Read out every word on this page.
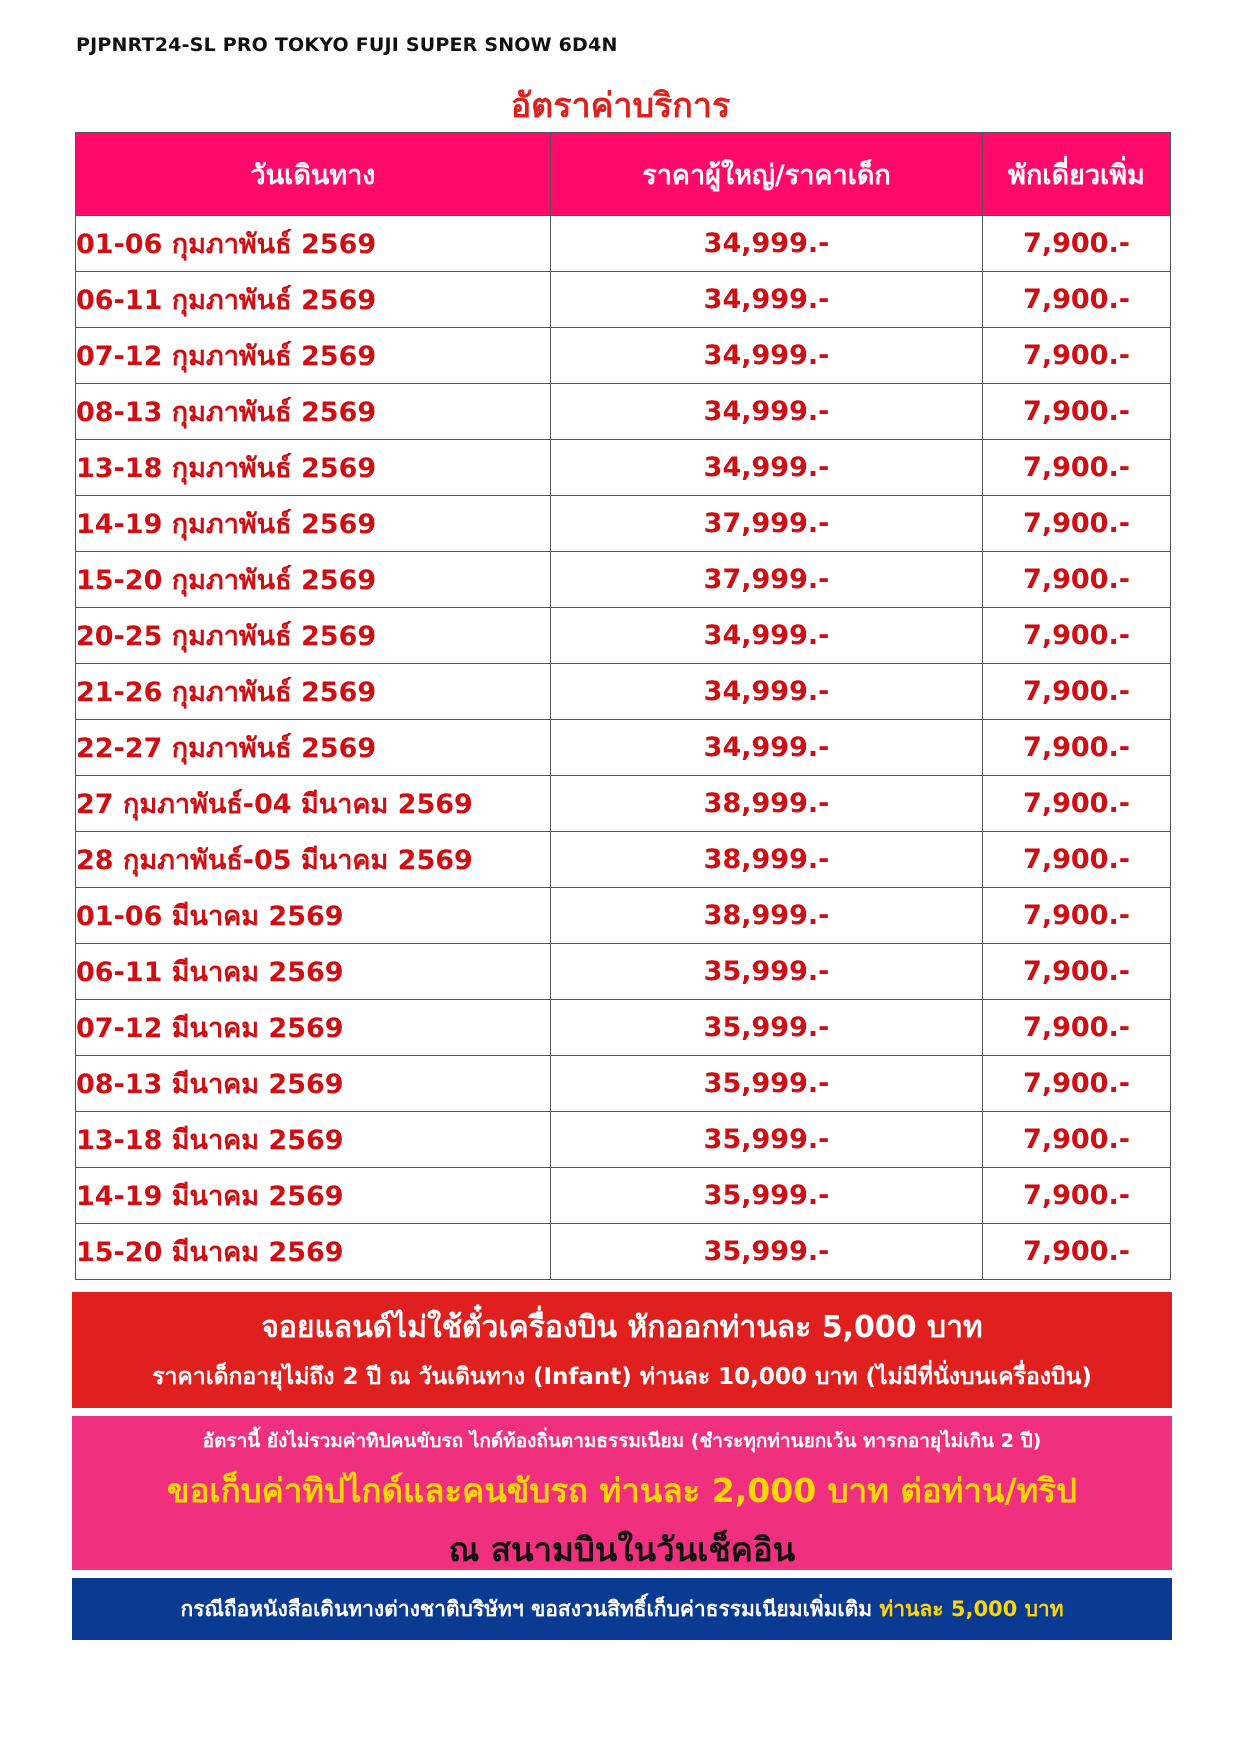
PJPNRT24-SL PRO TOKYO FUJI SUPER SNOW 6D4N
อัตราค่าบริการ
วันเดินทาง	ราคาผู้ใหญ่/ราคาเด็ก	พักเดี่ยวเพิ่ม
01-06 กุมภาพันธ์ 2569	34,999.-	7,900.-
06-11 กุมภาพันธ์ 2569	34,999.-	7,900.-
07-12 กุมภาพันธ์ 2569	34,999.-	7,900.-
08-13 กุมภาพันธ์ 2569	34,999.-	7,900.-
13-18 กุมภาพันธ์ 2569	34,999.-	7,900.-
14-19 กุมภาพันธ์ 2569	37,999.-	7,900.-
15-20 กุมภาพันธ์ 2569	37,999.-	7,900.-
20-25 กุมภาพันธ์ 2569	34,999.-	7,900.-
21-26 กุมภาพันธ์ 2569	34,999.-	7,900.-
22-27 กุมภาพันธ์ 2569	34,999.-	7,900.-
27 กุมภาพันธ์-04 มีนาคม 2569	38,999.-	7,900.-
28 กุมภาพันธ์-05 มีนาคม 2569	38,999.-	7,900.-
01-06 มีนาคม 2569	38,999.-	7,900.-
06-11 มีนาคม 2569	35,999.-	7,900.-
07-12 มีนาคม 2569	35,999.-	7,900.-
08-13 มีนาคม 2569	35,999.-	7,900.-
13-18 มีนาคม 2569	35,999.-	7,900.-
14-19 มีนาคม 2569	35,999.-	7,900.-
15-20 มีนาคม 2569	35,999.-	7,900.-
จอยแลนด์ไม่ใช้ตั๋วเครื่องบิน หักออกท่านละ 5,000 บาท
ราคาเด็กอายุไม่ถึง 2 ปี ณ วันเดินทาง (Infant) ท่านละ 10,000 บาท (ไม่มีที่นั่งบนเครื่องบิน)
อัตรานี้ ยังไม่รวมค่าทิปคนขับรถ ไกด์ท้องถิ่นตามธรรมเนียม (ชำระทุกท่านยกเว้น ทารกอายุไม่เกิน 2 ปี)
ขอเก็บค่าทิปไกด์และคนขับรถ ท่านละ 2,000 บาท ต่อท่าน/ทริป
ณ สนามบินในวันเช็คอิน
กรณีถือหนังสือเดินทางต่างชาติบริษัทฯ ขอสงวนสิทธิ์เก็บค่าธรรมเนียมเพิ่มเติม ท่านละ 5,000 บาท
